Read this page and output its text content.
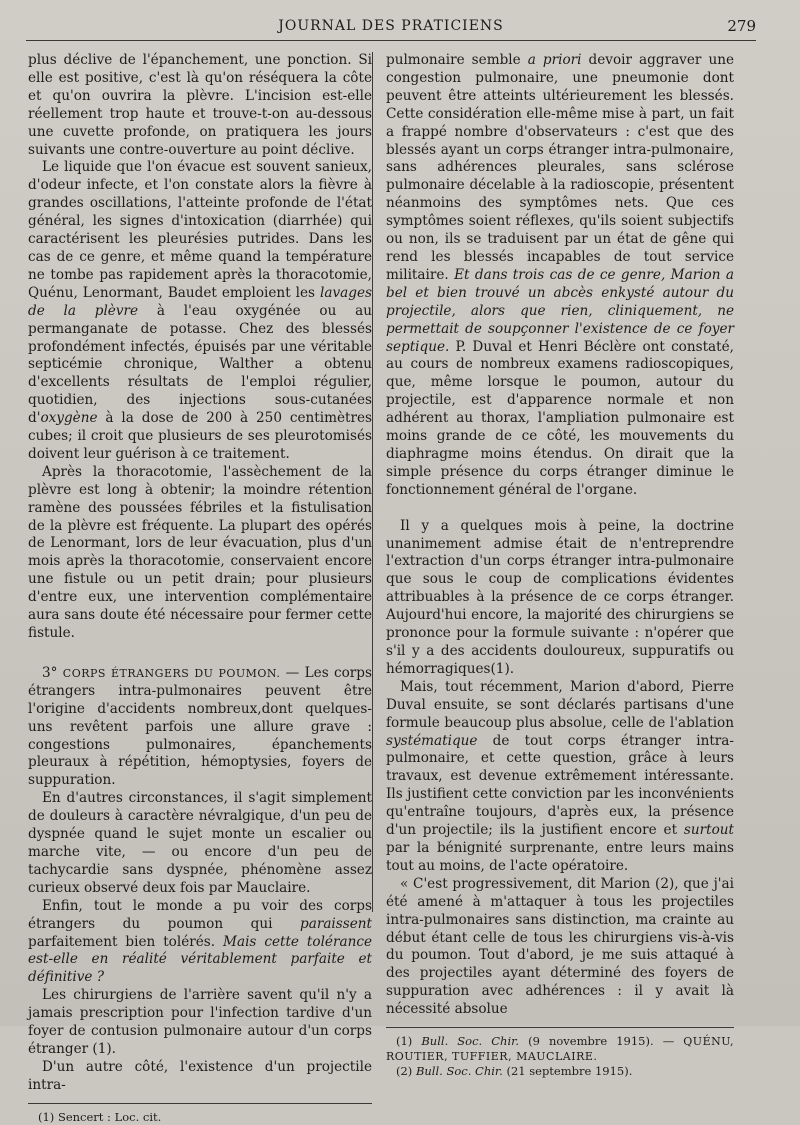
JOURNAL DES PRATICIENS	279

plus déclive de l'épanchement, une ponction. Si elle est positive, c'est là qu'on réséquera la côte et qu'on ouvrira la plèvre. L'incision est-elle réellement trop haute et trouve-t-on au-dessous une cuvette profonde, on pratiquera les jours suivants une contre-ouverture au point déclive.

Le liquide que l'on évacue est souvent sanieux, d'odeur infecte, et l'on constate alors la fièvre à grandes oscillations, l'atteinte profonde de l'état général, les signes d'intoxication (diarrhée) qui caractérisent les pleurésies putrides. Dans les cas de ce genre, et même quand la température ne tombe pas rapidement après la thoracotomie, Quénu, Lenormant, Baudet emploient les lavages de la plèvre à l'eau oxygénée ou au permanganate de potasse. Chez des blessés profondément infectés, épuisés par une véritable septicémie chronique, Walther a obtenu d'excellents résultats de l'emploi régulier, quotidien, des injections sous-cutanées d'oxygène à la dose de 200 à 250 centimètres cubes; il croit que plusieurs de ses pleurotomisés doivent leur guérison à ce traitement.

Après la thoracotomie, l'assèchement de la plèvre est long à obtenir; la moindre rétention ramène des poussées fébriles et la fistulisation de la plèvre est fréquente. La plupart des opérés de Lenormant, lors de leur évacuation, plus d'un mois après la thoracotomie, conservaient encore une fistule ou un petit drain; pour plusieurs d'entre eux, une intervention complémentaire aura sans doute été nécessaire pour fermer cette fistule.

3° CORPS ÉTRANGERS DU POUMON. — Les corps étrangers intra-pulmonaires peuvent être l'origine d'accidents nombreux,dont quelques-uns revêtent parfois une allure grave : congestions pulmonaires, épanchements pleuraux à répétition, hémoptysies, foyers de suppuration.

En d'autres circonstances, il s'agit simplement de douleurs à caractère névralgique, d'un peu de dyspnée quand le sujet monte un escalier ou marche vite, — ou encore d'un peu de tachycardie sans dyspnée, phénomène assez curieux observé deux fois par Mauclaire.

Enfin, tout le monde a pu voir des corps étrangers du poumon qui paraissent parfaitement bien tolérés. Mais cette tolérance est-elle en réalité véritablement parfaite et définitive ?

Les chirurgiens de l'arrière savent qu'il n'y a jamais prescription pour l'infection tardive d'un foyer de contusion pulmonaire autour d'un corps étranger (1).

D'un autre côté, l'existence d'un projectile intra-

(1) Sencert : Loc. cit.

pulmonaire semble a priori devoir aggraver une congestion pulmonaire, une pneumonie dont peuvent être atteints ultérieurement les blessés. Cette considération elle-même mise à part, un fait a frappé nombre d'observateurs : c'est que des blessés ayant un corps étranger intra-pulmonaire, sans adhérences pleurales, sans sclérose pulmonaire décelable à la radioscopie, présentent néanmoins des symptômes nets. Que ces symptômes soient réflexes, qu'ils soient subjectifs ou non, ils se traduisent par un état de gêne qui rend les blessés incapables de tout service militaire. Et dans trois cas de ce genre, Marion a bel et bien trouvé un abcès enkysté autour du projectile, alors que rien, cliniquement, ne permettait de soupçonner l'existence de ce foyer septique. P. Duval et Henri Béclère ont constaté, au cours de nombreux examens radioscopiques, que, même lorsque le poumon, autour du projectile, est d'apparence normale et non adhérent au thorax, l'ampliation pulmonaire est moins grande de ce côté, les mouvements du diaphragme moins étendus. On dirait que la simple présence du corps étranger diminue le fonctionnement général de l'organe.

Il y a quelques mois à peine, la doctrine unanimement admise était de n'entreprendre l'extraction d'un corps étranger intra-pulmonaire que sous le coup de complications évidentes attribuables à la présence de ce corps étranger. Aujourd'hui encore, la majorité des chirurgiens se prononce pour la formule suivante : n'opérer que s'il y a des accidents douloureux, suppuratifs ou hémorragiques(1).

Mais, tout récemment, Marion d'abord, Pierre Duval ensuite, se sont déclarés partisans d'une formule beaucoup plus absolue, celle de l'ablation systématique de tout corps étranger intra-pulmonaire, et cette question, grâce à leurs travaux, est devenue extrêmement intéressante. Ils justifient cette conviction par les inconvénients qu'entraîne toujours, d'après eux, la présence d'un projectile; ils la justifient encore et surtout par la bénignité surprenante, entre leurs mains tout au moins, de l'acte opératoire.

« C'est progressivement, dit Marion (2), que j'ai été amené à m'attaquer à tous les projectiles intra-pulmonaires sans distinction, ma crainte au début étant celle de tous les chirurgiens vis-à-vis du poumon. Tout d'abord, je me suis attaqué à des projectiles ayant déterminé des foyers de suppuration avec adhérences : il y avait là nécessité absolue

(1) Bull. Soc. Chir. (9 novembre 1915). — QUÉNU, ROUTIER, TUFFIER, MAUCLAIRE.

(2) Bull. Soc. Chir. (21 septembre 1915).
